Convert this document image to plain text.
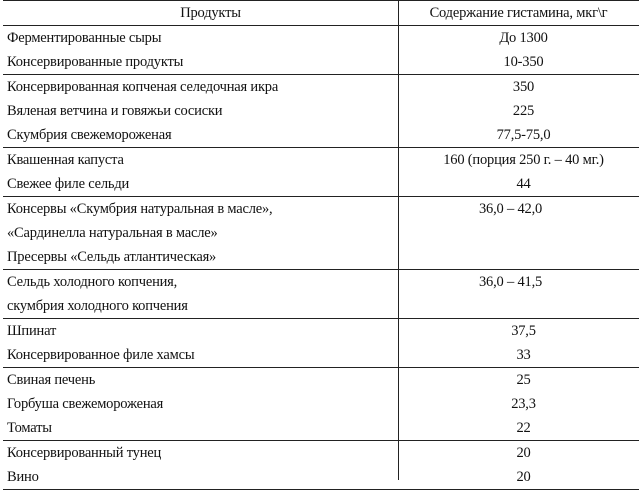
Продукты	Содержание гистамина, мкг\г
Ферментированные сыры	До 1300
Консервированные продукты	10-350
Консервированная копченая селедочная икра	350
Вяленая ветчина и говяжьи сосиски	225
Скумбрия свежемороженая	77,5-75,0
Квашенная капуста	160 (порция 250 г. – 40 мг.)
Свежее филе сельди	44
Консервы «Скумбрия натуральная в масле»,	36,0 – 42,0
«Сардинелла натуральная в масле»
Пресервы «Сельдь атлантическая»
Сельдь холодного копчения,	36,0 – 41,5
скумбрия холодного копчения
Шпинат	37,5
Консервированное филе хамсы	33
Свиная печень	25
Горбуша свежемороженая	23,3
Томаты	22
Консервированный тунец	20
Вино	20
